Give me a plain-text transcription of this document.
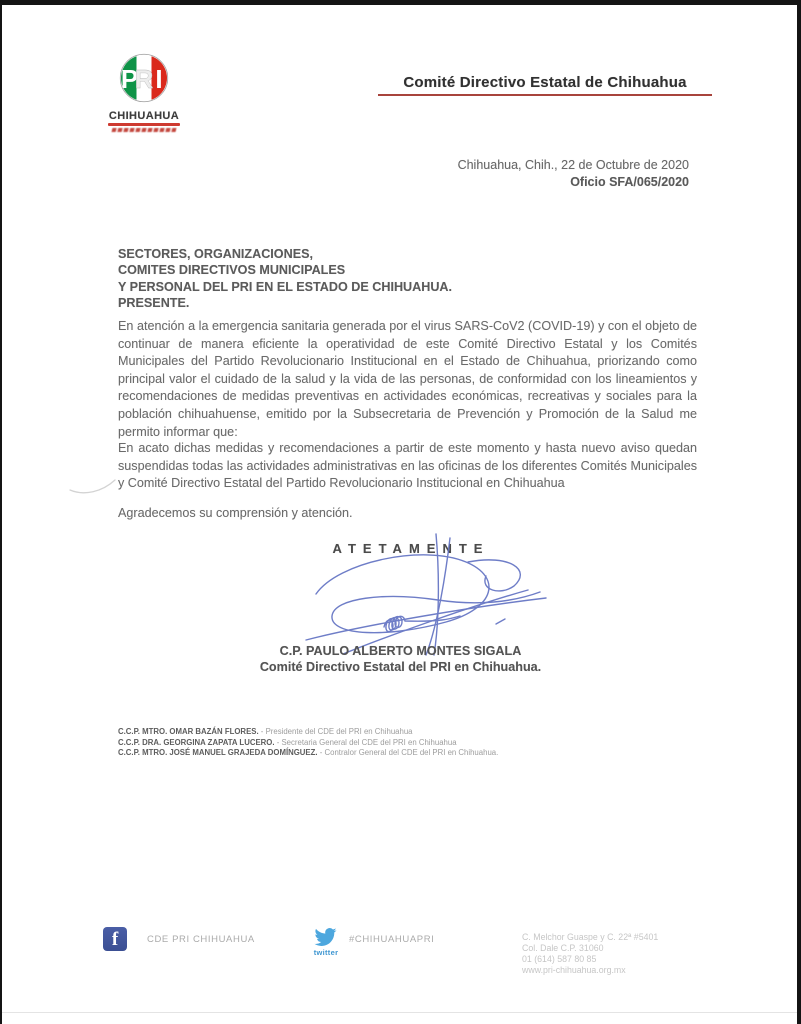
P
R I
CHIHUAHUA
Comité Directivo Estatal de Chihuahua
Chihuahua, Chih., 22 de Octubre de 2020
Oficio SFA/065/2020
SECTORES, ORGANIZACIONES,
COMITES DIRECTIVOS MUNICIPALES
Y PERSONAL DEL PRI EN EL ESTADO DE CHIHUAHUA.
PRESENTE.
En atención a la emergencia sanitaria generada por el virus SARS-CoV2 (COVID-19) y con el objeto de continuar de manera eficiente la operatividad de este Comité Directivo Estatal y los Comités Municipales del Partido Revolucionario Institucional en el Estado de Chihuahua, priorizando como principal valor el cuidado de la salud y la vida de las personas, de conformidad con los lineamientos y recomendaciones de medidas preventivas en actividades económicas, recreativas y sociales para la población chihuahuense, emitido por la Subsecretaria de Prevención y Promoción de la Salud me permito informar que:
En acato dichas medidas y recomendaciones a partir de este momento y hasta nuevo aviso quedan suspendidas todas las actividades administrativas en las oficinas de los diferentes Comités Municipales y Comité Directivo Estatal del Partido Revolucionario Institucional en Chihuahua
Agradecemos su comprensión y atención.
ATETAMENTE
C.P. PAULO ALBERTO MONTES SIGALA
Comité Directivo Estatal del PRI en Chihuahua.
C.C.P. MTRO. OMAR BAZÁN FLORES. - Presidente del CDE del PRI en Chihuahua
C.C.P. DRA. GEORGINA ZAPATA LUCERO. - Secretaria General del CDE del PRI en Chihuahua
C.C.P. MTRO. JOSÉ MANUEL GRAJEDA DOMÍNGUEZ. - Contralor General del CDE del PRI en Chihuahua.
f	CDE PRI CHIHUAHUA
twitter
#CHIHUAHUAPRI	C. Melchor Guaspe y C. 22ª #5401
Col. Dale C.P. 31060
01 (614) 587 80 85
www.pri-chihuahua.org.mx
